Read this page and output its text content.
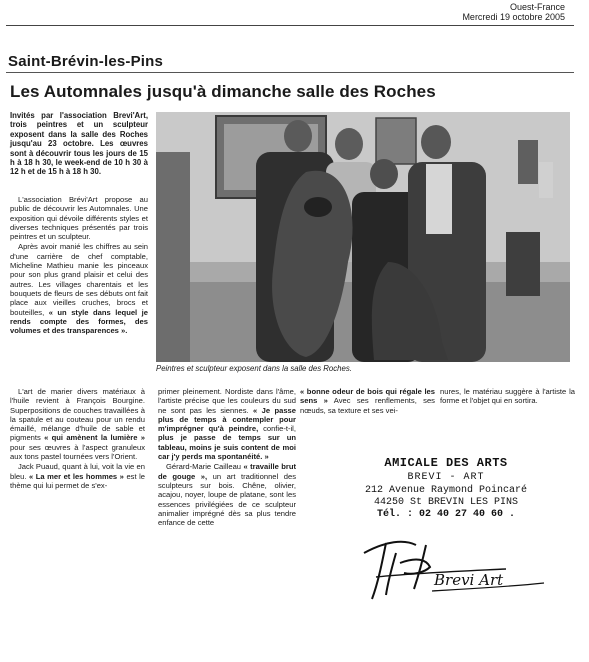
Ouest-France
Mercredi 19 octobre 2005
Saint-Brévin-les-Pins
Les Automnales jusqu'à dimanche salle des Roches
Invités par l'association Brevi'Art, trois peintres et un sculpteur exposent dans la salle des Roches jusqu'au 23 octobre. Les œuvres sont à découvrir tous les jours de 15 h à 18 h 30, le week-end de 10 h 30 à 12 h et de 15 h à 18 h 30.

L'association Brévi'Art propose au public de découvrir les Automnales. Une exposition qui dévoile différents styles et diverses techniques présentés par trois peintres et un sculpteur.

Après avoir manié les chiffres au sein d'une carrière de chef comptable, Micheline Mathieu manie les pinceaux pour son plus grand plaisir et celui des autres. Les villages charentais et les bouquets de fleurs de ses débuts ont fait place aux vieilles cruches, brocs et bouteilles, « un style dans lequel je rends compte des formes, des volumes et des transparences ».

L'art de marier divers matériaux à l'huile revient à François Bourgine. Superpositions de couches travaillées à la spatule et au couteau pour un rendu émaillé, mélange d'huile de sable et pigments « qui amènent la lumière » pour ses œuvres à l'aspect granuleux aux tons pastel tournées vers l'Orient.

Jack Puaud, quant à lui, voit la vie en bleu. « La mer et les hommes » est le thème qui lui permet de s'ex-

Peintres et sculpteur exposent dans la salle des Roches.

primer pleinement. Nordiste dans l'âme, l'artiste précise que les couleurs du sud ne sont pas les siennes. « Je passe plus de temps à contempler pour m'imprégner qu'à peindre, confie-t-il, plus je passe de temps sur un tableau, moins je suis content de moi car j'y perds ma spontanéité. »

Gérard-Marie Cailleau « travaille brut de gouge », un art traditionnel des sculpteurs sur bois. Chêne, olivier, acajou, noyer, loupe de platane, sont les essences privilégiées de ce sculpteur animalier imprégné dès sa plus tendre enfance de cette

« bonne odeur de bois qui régale les sens » Avec ses renflements, ses nœuds, sa texture et ses vei-

nures, le matériau suggère à l'artiste la forme et l'objet qui en sortira.

AMICALE DES ARTS
BREVI - ART
212 Avenue Raymond Poincaré
44250 St BREVIN LES PINS
Tél. : 02 40 27 40 60 .
Brevi Art
